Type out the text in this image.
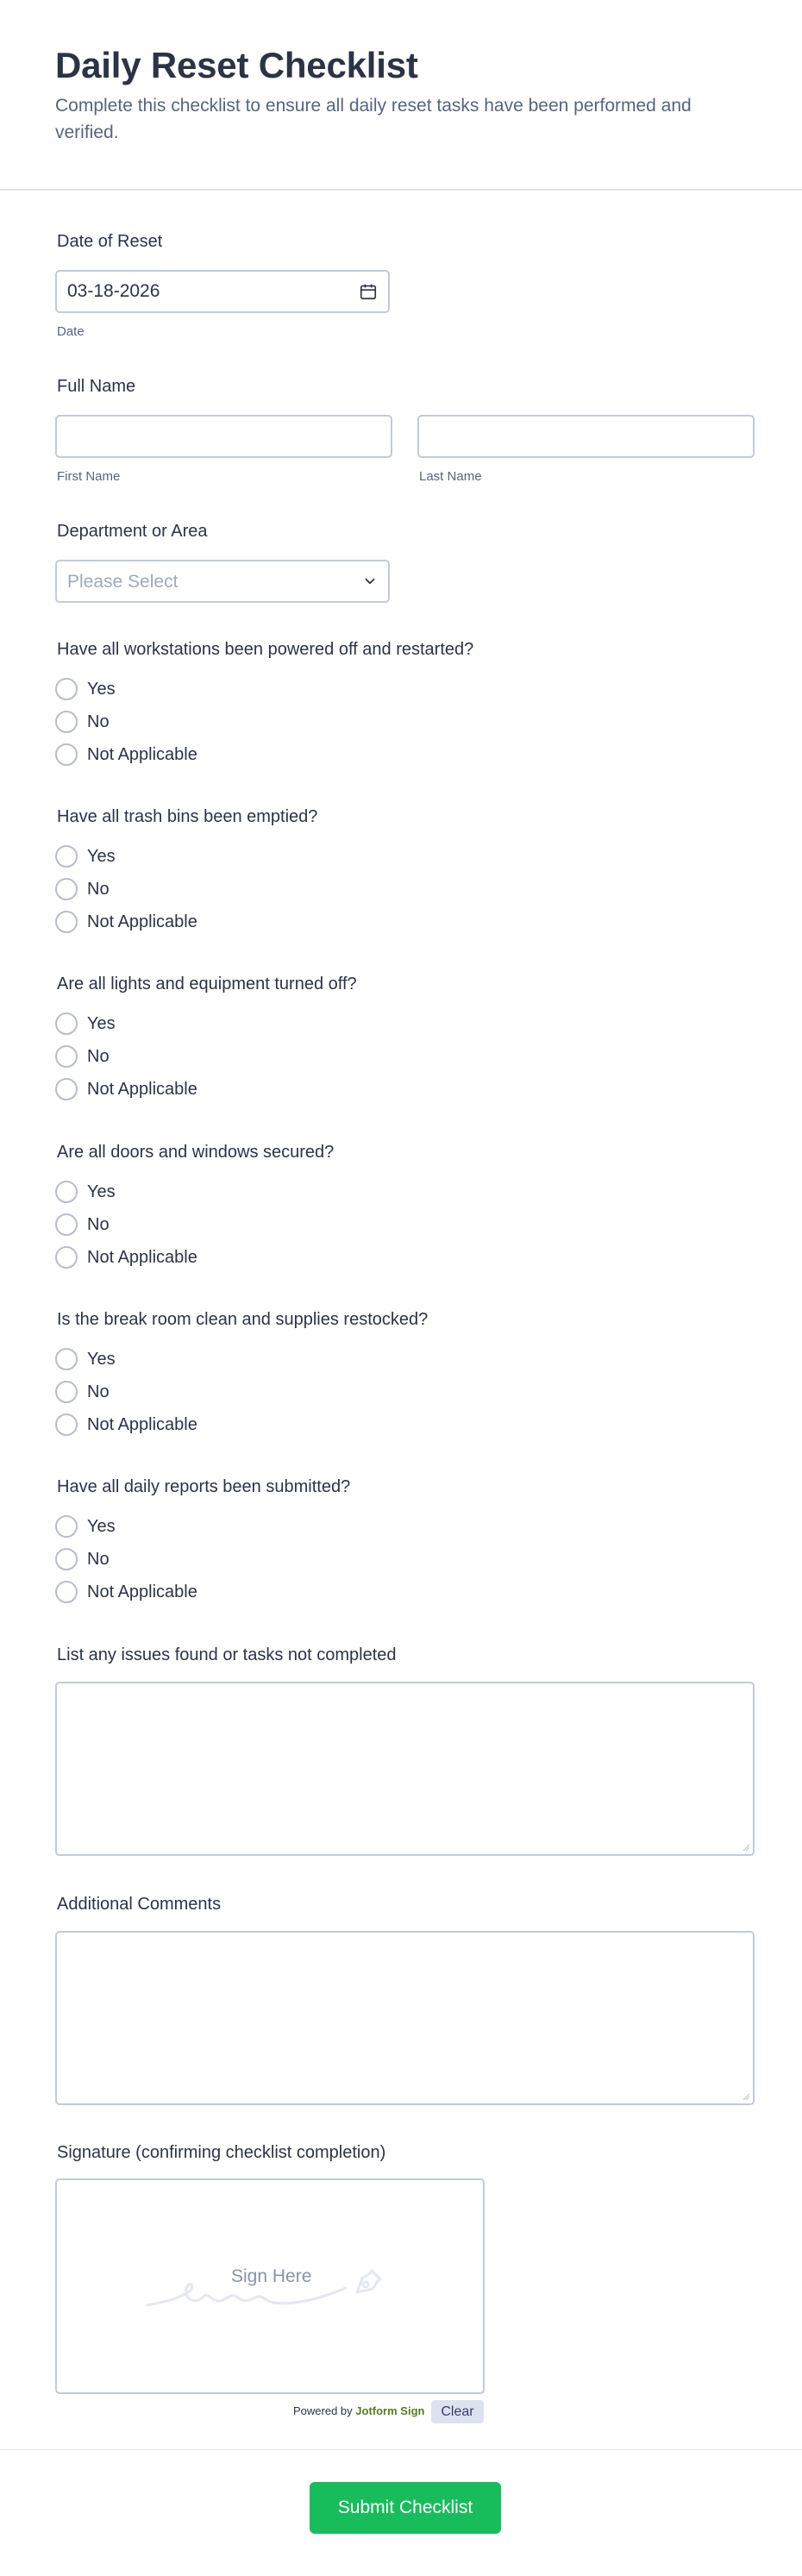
Daily Reset Checklist

Complete this checklist to ensure all daily reset tasks have been performed and verified.

Date of Reset
03-18-2026
Date
Full Name
First Name	Last Name
Department or Area
Please Select
Have all workstations been powered off and restarted?
Yes
No
Not Applicable
Have all trash bins been emptied?
Yes
No
Not Applicable
Are all lights and equipment turned off?
Yes
No
Not Applicable
Are all doors and windows secured?
Yes
No
Not Applicable
Is the break room clean and supplies restocked?
Yes
No
Not Applicable
Have all daily reports been submitted?
Yes
No
Not Applicable
List any issues found or tasks not completed
Additional Comments
Signature (confirming checklist completion)
Sign Here
Powered by Jotform Sign	Clear
Submit Checklist
